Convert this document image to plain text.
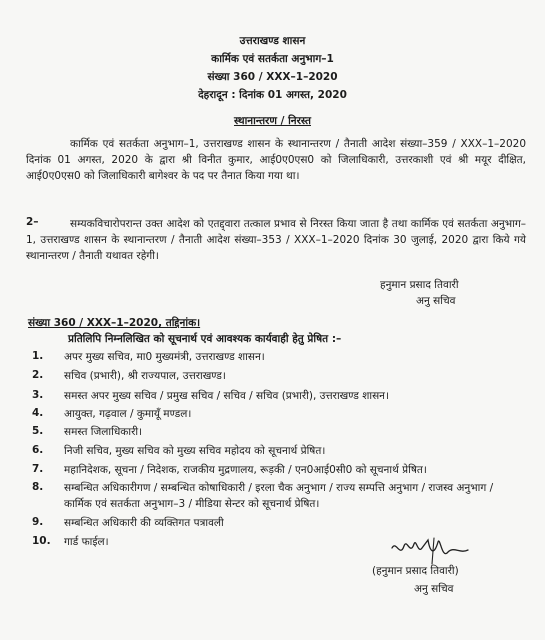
उत्तराखण्ड शासन
कार्मिक एवं सतर्कता अनुभाग–1
संख्या 360 / XXX–1–2020
देहरादून : दिनांक 01 अगस्त, 2020
स्थानान्तरण / निरस्त
कार्मिक एवं सतर्कता अनुभाग–1, उत्तराखण्ड शासन के स्थानान्तरण / तैनाती आदेश संख्या–359 / XXX–1–2020 दिनांक 01 अगस्त, 2020 के द्वारा श्री विनीत कुमार, आई0ए0एस0 को जिलाधिकारी, उत्तरकाशी एवं श्री मयूर दीक्षित, आई0ए0एस0 को जिलाधिकारी बागेश्वर के पद पर तैनात किया गया था।
2–	सम्यकविचारोपरान्त उक्त आदेश को एतद्द्वारा तत्काल प्रभाव से निरस्त किया जाता है तथा कार्मिक एवं सतर्कता अनुभाग–1, उत्तराखण्ड शासन के स्थानान्तरण / तैनाती आदेश संख्या–353 / XXX–1–2020 दिनांक 30 जुलाई, 2020 द्वारा किये गये स्थानान्तरण / तैनाती यथावत रहेगी।
हनुमान प्रसाद तिवारी
अनु सचिव
संख्या 360 / XXX–1–2020, तद्दिनांक।
प्रतिलिपि निम्नलिखित को सूचनार्थ एवं आवश्यक कार्यवाही हेतु प्रेषित :–
1. अपर मुख्य सचिव, मा0 मुख्यमंत्री, उत्तराखण्ड शासन।
2. सचिव (प्रभारी), श्री राज्यपाल, उत्तराखण्ड।
3. समस्त अपर मुख्य सचिव / प्रमुख सचिव / सचिव / सचिव (प्रभारी), उत्तराखण्ड शासन।
4. आयुक्त, गढ़वाल / कुमायूँ मण्डल।
5. समस्त जिलाधिकारी।
6. निजी सचिव, मुख्य सचिव को मुख्य सचिव महोदय को सूचनार्थ प्रेषित।
7. महानिदेशक, सूचना / निदेशक, राजकीय मुद्रणालय, रूड़की / एन0आई0सी0 को सूचनार्थ प्रेषित।
8. सम्बन्धित अधिकारीगण / सम्बन्धित कोषाधिकारी / इरला चैक अनुभाग / राज्य सम्पत्ति अनुभाग / राजस्व अनुभाग / कार्मिक एवं सतर्कता अनुभाग–3 / मीडिया सेन्टर को सूचनार्थ प्रेषित।
9. सम्बन्धित अधिकारी की व्यक्तिगत पत्रावली
10. गार्ड फाईल।
(हनुमान प्रसाद तिवारी)
अनु सचिव
